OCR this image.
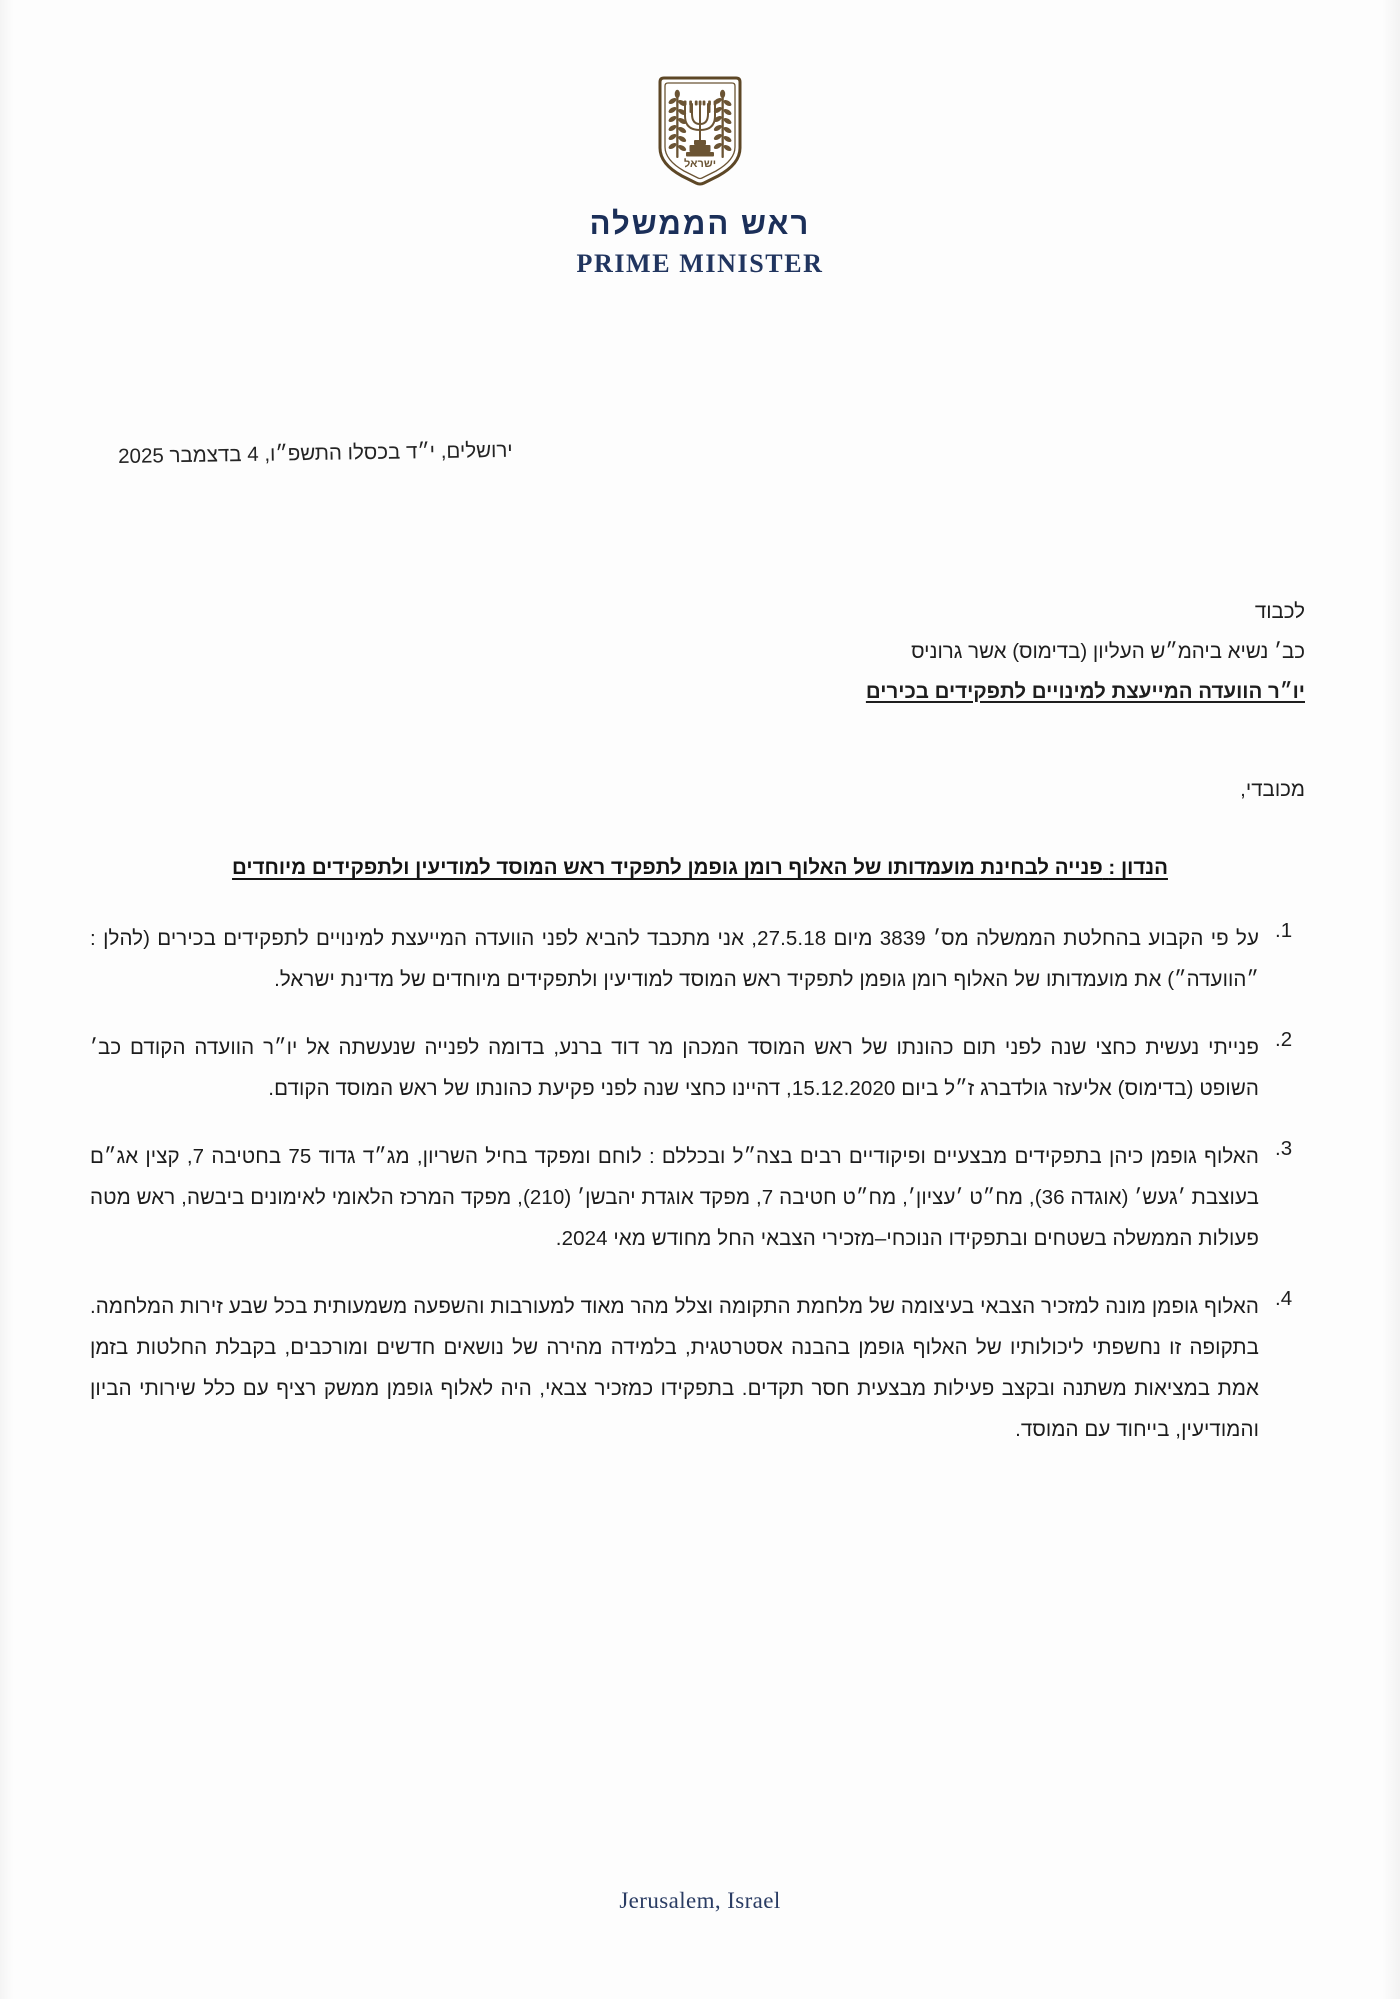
ישראל
ראש הממשלה
PRIME MINISTER
ירושלים, י״ד בכסלו התשפ״ו, 4 בדצמבר 2025
לכבוד
כב׳ נשיא ביהמ״ש העליון (בדימוס) אשר גרוניס
יו״ר הוועדה המייעצת למינויים לתפקידים בכירים
מכובדי,
הנדון : פנייה לבחינת מועמדותו של האלוף רומן גופמן לתפקיד ראש המוסד למודיעין ולתפקידים מיוחדים
1.
על פי הקבוע בהחלטת הממשלה מס׳ 3839 מיום 27.5.18, אני מתכבד להביא לפני הוועדה המייעצת למינויים לתפקידים בכירים (להלן : ״הוועדה״) את מועמדותו של האלוף רומן גופמן לתפקיד ראש המוסד למודיעין ולתפקידים מיוחדים של מדינת ישראל.
2.
פנייתי נעשית כחצי שנה לפני תום כהונתו של ראש המוסד המכהן מר דוד ברנע, בדומה לפנייה שנעשתה אל יו״ר הוועדה הקודם כב׳ השופט (בדימוס) אליעזר גולדברג ז״ל ביום 15.12.2020, דהיינו כחצי שנה לפני פקיעת כהונתו של ראש המוסד הקודם.
3.
האלוף גופמן כיהן בתפקידים מבצעיים ופיקודיים רבים בצה״ל ובכללם : לוחם ומפקד בחיל השריון, מג״ד גדוד 75 בחטיבה 7, קצין אג״ם בעוצבת ׳געש׳ (אוגדה 36), מח״ט ׳עציון׳, מח״ט חטיבה 7, מפקד אוגדת יהבשן׳ (210), מפקד המרכז הלאומי לאימונים ביבשה, ראש מטה פעולות הממשלה בשטחים ובתפקידו הנוכחי–מזכירי הצבאי החל מחודש מאי 2024.
4.
האלוף גופמן מונה למזכיר הצבאי בעיצומה של מלחמת התקומה וצלל מהר מאוד למעורבות והשפעה משמעותית בכל שבע זירות המלחמה. בתקופה זו נחשפתי ליכולותיו של האלוף גופמן בהבנה אסטרטגית, בלמידה מהירה של נושאים חדשים ומורכבים, בקבלת החלטות בזמן אמת במציאות משתנה ובקצב פעילות מבצעית חסר תקדים. בתפקידו כמזכיר צבאי, היה לאלוף גופמן ממשק רציף עם כלל שירותי הביון והמודיעין, בייחוד עם המוסד.
Jerusalem, Israel
